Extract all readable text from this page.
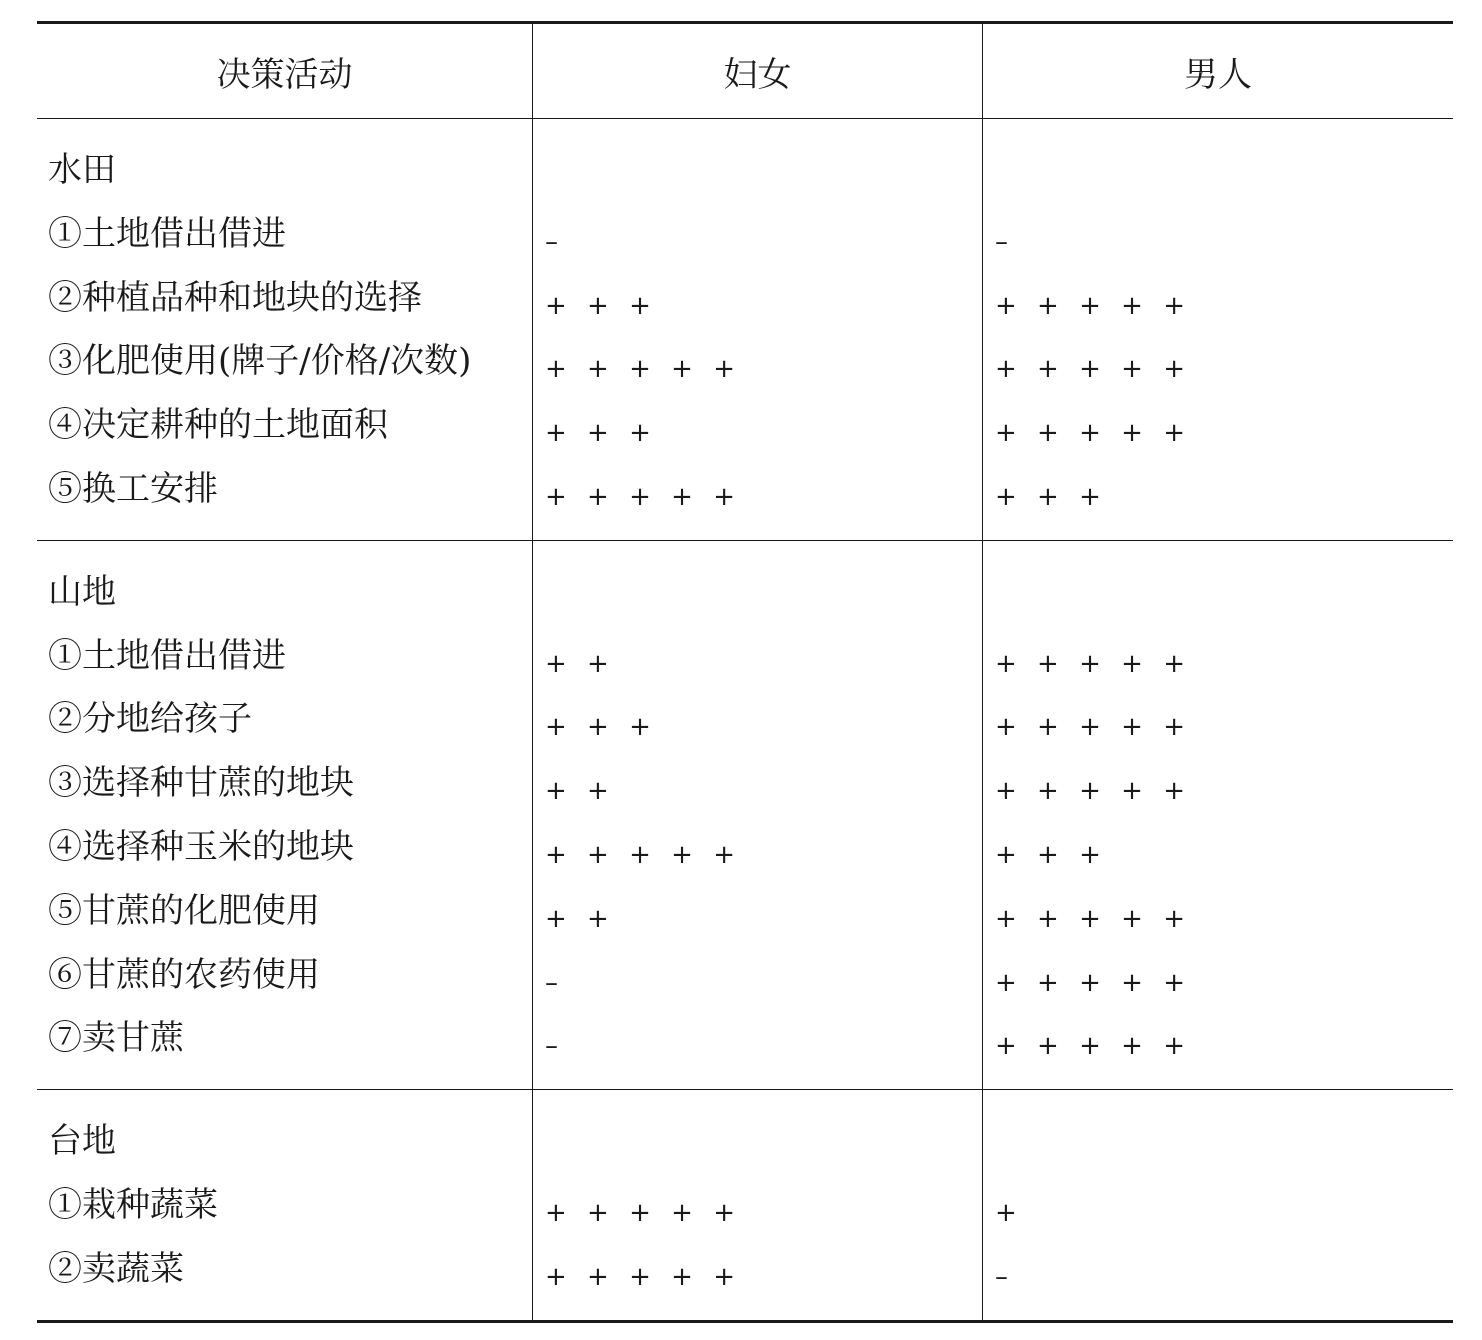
决策活动	妇女	男人
水田
①土地借出借进	–	–
②种植品种和地块的选择	+ + +	+ + + + +
③化肥使用(牌子/价格/次数)	+ + + + +	+ + + + +
④决定耕种的土地面积	+ + +	+ + + + +
⑤换工安排	+ + + + +	+ + +
山地
①土地借出借进	+ +	+ + + + +
②分地给孩子	+ + +	+ + + + +
③选择种甘蔗的地块	+ +	+ + + + +
④选择种玉米的地块	+ + + + +	+ + +
⑤甘蔗的化肥使用	+ +	+ + + + +
⑥甘蔗的农药使用	–	+ + + + +
⑦卖甘蔗	–	+ + + + +
台地
①栽种蔬菜	+ + + + +	+
②卖蔬菜	+ + + + +	–
